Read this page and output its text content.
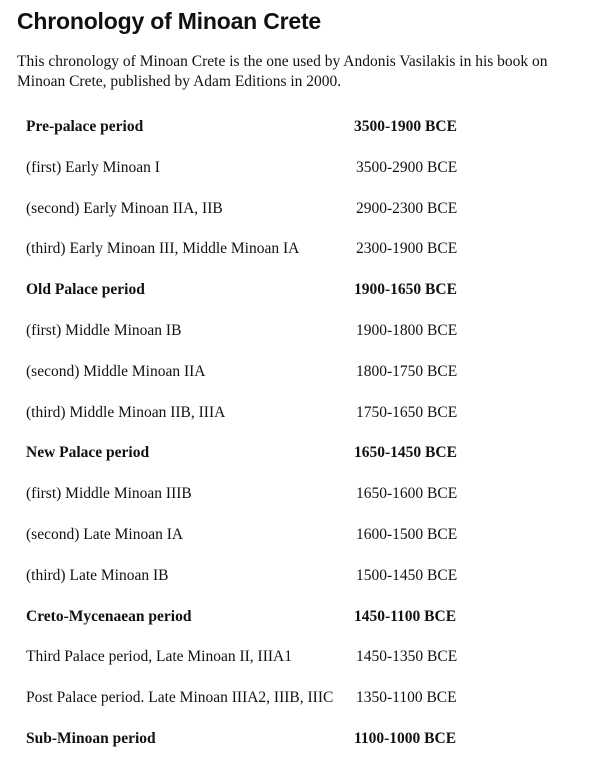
Chronology of Minoan Crete

This chronology of Minoan Crete is the one used by Andonis Vasilakis in his book on Minoan Crete, published by Adam Editions in 2000.

Pre-palace period	3500-1900 BCE
(first) Early Minoan I	3500-2900 BCE
(second) Early Minoan IIA, IIB	2900-2300 BCE
(third) Early Minoan III, Middle Minoan IA	2300-1900 BCE
Old Palace period	1900-1650 BCE
(first) Middle Minoan IB	1900-1800 BCE
(second) Middle Minoan IIA	1800-1750 BCE
(third) Middle Minoan IIB, IIIA	1750-1650 BCE
New Palace period	1650-1450 BCE
(first) Middle Minoan IIIB	1650-1600 BCE
(second) Late Minoan IA	1600-1500 BCE
(third) Late Minoan IB	1500-1450 BCE
Creto-Mycenaean period	1450-1100 BCE
Third Palace period, Late Minoan II, IIIA1	1450-1350 BCE
Post Palace period. Late Minoan IIIA2, IIIB, IIIC 1350-1100 BCE
Sub-Minoan period	1100-1000 BCE
